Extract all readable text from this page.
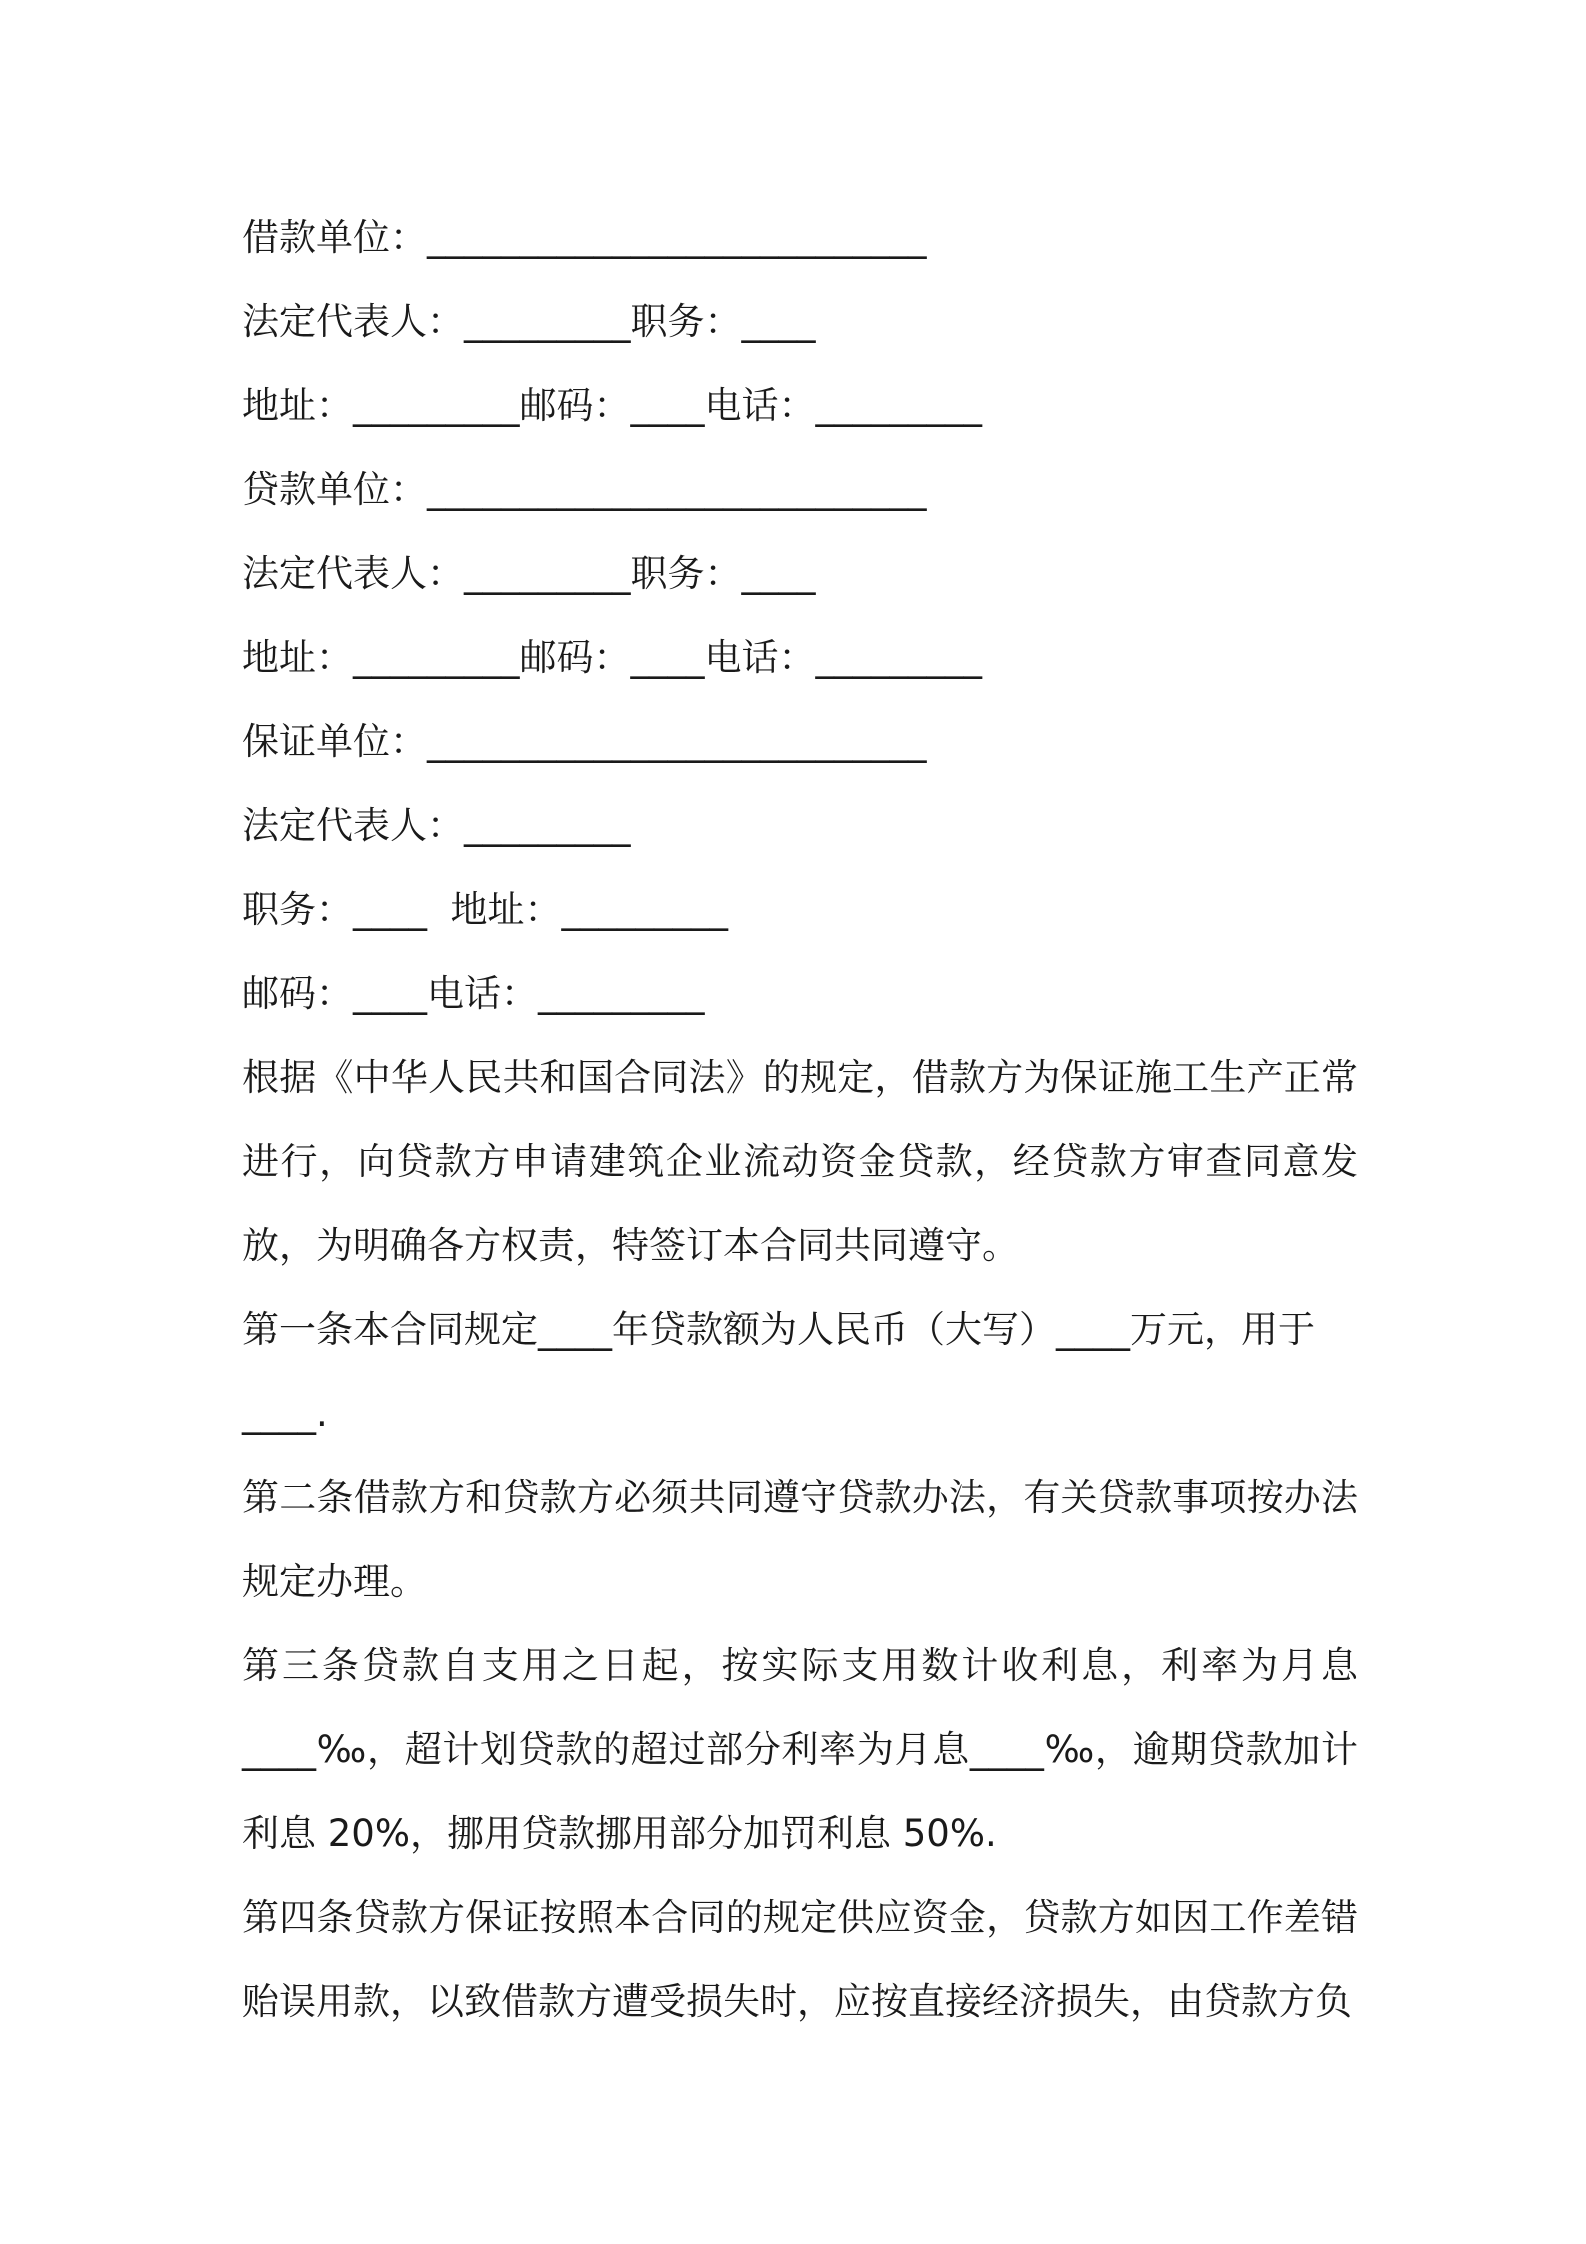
借款单位：___________________________
法定代表人：_________职务：____
地址：_________邮码：____电话：_________
贷款单位：___________________________
法定代表人：_________职务：____
地址：_________邮码：____电话：_________
保证单位：___________________________
法定代表人：_________
职务：____  地址：_________
邮码：____电话：_________
根据《中华人民共和国合同法》的规定，借款方为保证施工生产正常进行，向贷款方申请建筑企业流动资金贷款，经贷款方审查同意发放，为明确各方权责，特签订本合同共同遵守。
第一条本合同规定____年贷款额为人民币（大写）____万元，用于
____.
第二条借款方和贷款方必须共同遵守贷款办法，有关贷款事项按办法规定办理。
第三条贷款自支用之日起，按实际支用数计收利息，利率为月息____‰，超计划贷款的超过部分利率为月息____‰，逾期贷款加计利息 20%，挪用贷款挪用部分加罚利息 50%.
第四条贷款方保证按照本合同的规定供应资金，贷款方如因工作差错贻误用款，以致借款方遭受损失时，应按直接经济损失，由贷款方负
